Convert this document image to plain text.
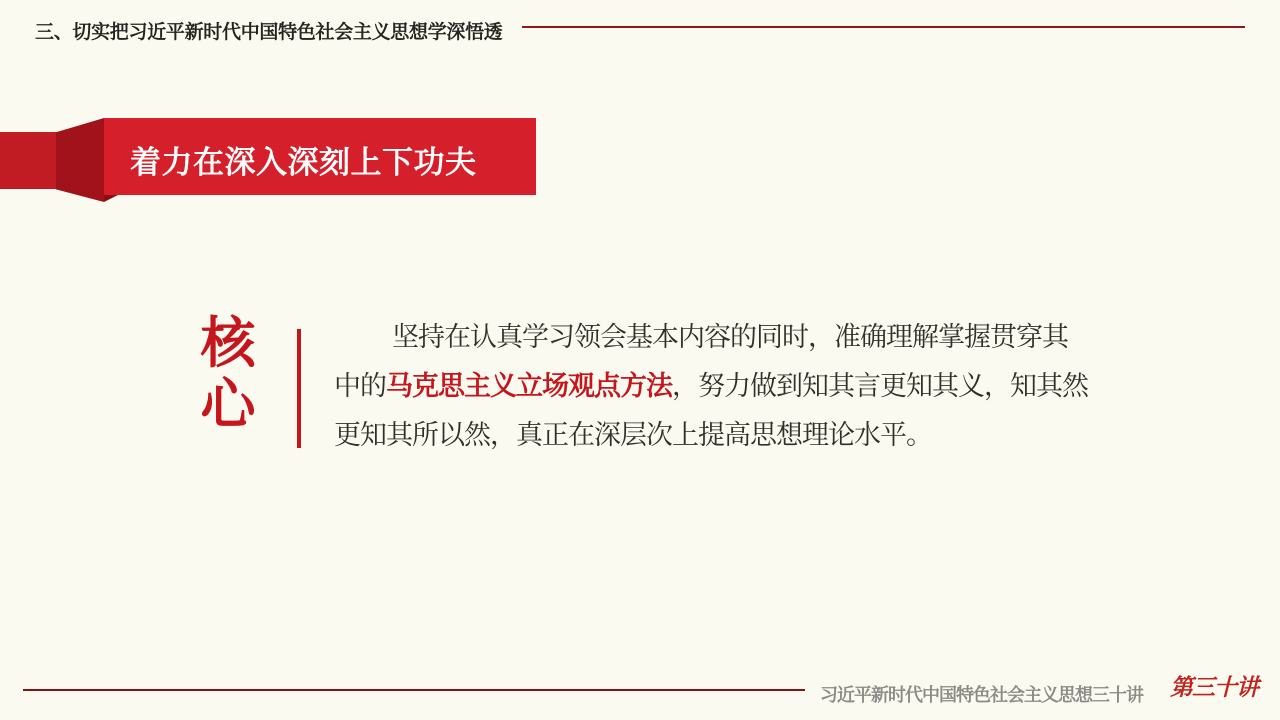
三、切实把习近平新时代中国特色社会主义思想学深悟透
着力在深入深刻上下功夫
核心
坚持在认真学习领会基本内容的同时，准确理解掌握贯穿其
中的马克思主义立场观点方法，努力做到知其言更知其义，知其然
更知其所以然，真正在深层次上提高思想理论水平。
习近平新时代中国特色社会主义思想三十讲 第三十讲
